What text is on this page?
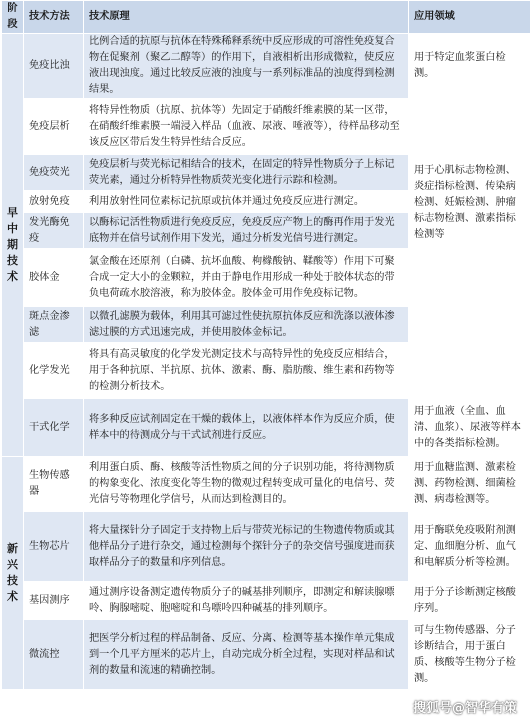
阶段	技术方法	技术原理	应用领域
早中期技术	免疫比浊	比例合适的抗原与抗体在特殊稀释系统中反应形成的可溶性免疫复合物在促聚剂（聚乙二醇等）的作用下，自液相析出形成微粒，使反应液出现浊度。通过比较反应液的浊度与一系列标准品的浊度得到检测结果。	用于特定血浆蛋白检测。
	免疫层析	将特异性物质（抗原、抗体等）先固定于硝酸纤维素膜的某一区带，在硝酸纤维素膜一端浸入样品（血液、尿液、唾液等），待样品移动至该反应区带后发生特异性结合反应。	用于心肌标志物检测、炎症指标检测、传染病检测、妊娠检测、肿瘤标志物检测、激素指标检测等
	免疫荧光	免疫层析与荧光标记相结合的技术，在固定的特异性物质分子上标记荧光素，通过分析特异性物质荧光变化进行示踪和检测。	
	放射免疫	利用放射性同位素标记抗原或抗体并通过免疫反应进行测定。	
	发光酶免疫	以酶标记活性物质进行免疫反应，免疫反应产物上的酶再作用于发光底物并在信号试剂作用下发光，通过分析发光信号进行测定。	
	胶体金	氯金酸在还原剂（白磷、抗坏血酸、枸橼酸钠、鞣酸等）作用下可聚合成一定大小的金颗粒，并由于静电作用形成一种处于胶体状态的带负电荷疏水胶溶液，称为胶体金。胶体金可用作免疫标记物。	
	斑点金渗滤	以微孔滤膜为载体，利用其可滤过性使抗原抗体反应和洗涤以液体渗滤过膜的方式迅速完成，并使用胶体金标记。	
	化学发光	将具有高灵敏度的化学发光测定技术与高特异性的免疫反应相结合，用于各种抗原、半抗原、抗体、激素、酶、脂肪酸、维生素和药物等的检测分析技术。	
	干式化学	将多种反应试剂固定在干燥的载体上，以液体样本作为反应介质，使样本中的待测成分与干式试剂进行反应。	用于血液（全血、血清、血浆）、尿液等样本中的各类指标检测。
新兴技术	生物传感器	利用蛋白质、酶、核酸等活性物质之间的分子识别功能，将待测物质的构象变化、浓度变化等生物的微观过程转变成可量化的电信号、荧光信号等物理化学信号，从而达到检测目的。	用于血糖监测、激素检测、药物检测、细菌检测、病毒检测等。
	生物芯片	将大量探针分子固定于支持物上后与带荧光标记的生物遗传物质或其他样品分子进行杂交，通过检测每个探针分子的杂交信号强度进而获取样品分子的数量和序列信息。	用于酶联免疫吸附剂测定、血细胞分析、血气和电解质分析等检测。
	基因测序	通过测序设备测定遗传物质分子的碱基排列顺序，即测定和解读腺嘌呤、胸腺嘧啶、胞嘧啶和鸟嘌呤四种碱基的排列顺序。	用于分子诊断测定核酸序列。
	微流控	把医学分析过程的样品制备、反应、分离、检测等基本操作单元集成到一个几平方厘米的芯片上，自动完成分析全过程，实现对样品和试剂的数量和流速的精确控制。	可与生物传感器、分子诊断结合，用于蛋白质、核酸等生物分子检测。
搜狐号@智华有策
